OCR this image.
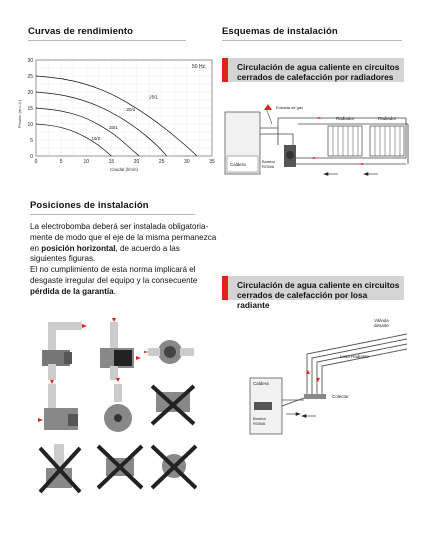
Curvas de rendimiento	Esquemas de instalación
Posiciones de instalación
25/1
20/1
15/1
10/2
0	5	10	15	20	25	30	35
0
5
10
15
20
25
30
50 Hz.
Caudal (l/min)
Presión (m.c.a.)
Circulación de agua caliente en circuitos cerrados de calefacción por radiadores
Caldera
Bomba ROWA
Entrada de gas
Radiador	Radiador
La electrobomba deberá ser instalada obligatoria-mente de modo que el eje de la misma permanezca en posición horizontal, de acuerdo a las siguientes figuras.
El no cumplimiento de esta norma implicará el desgaste irregular del equipo y la consecuente pérdida de la garantía.
Circulación de agua caliente en circuitos cerrados de calefacción por losa radiante
Válvula desaire
Losa Radiante
Colector
Caldera
Bomba ROWA
